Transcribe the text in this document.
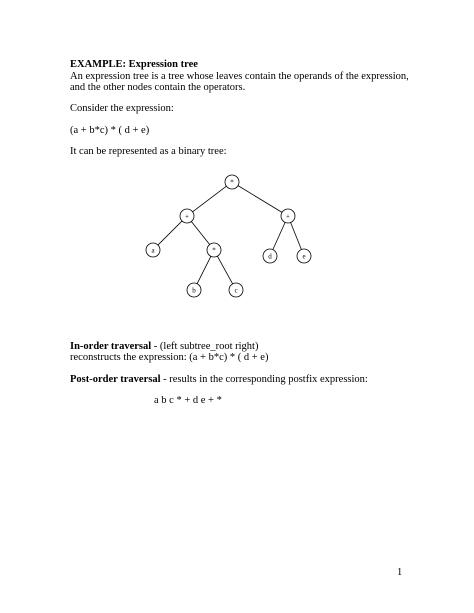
EXAMPLE: Expression tree
An expression tree is a tree whose leaves contain the operands of the expression,
and the other nodes contain the operators.
Consider the expression:
(a + b*c) * ( d + e)
It can be represented as a binary tree:
*
+	+
a	*
d	e
b	c
In-order traversal - (left subtree_root right)
reconstructs the expression: (a + b*c) * ( d + e)
Post-order traversal - results in the corresponding postfix expression:
a b c * + d e + *
1
